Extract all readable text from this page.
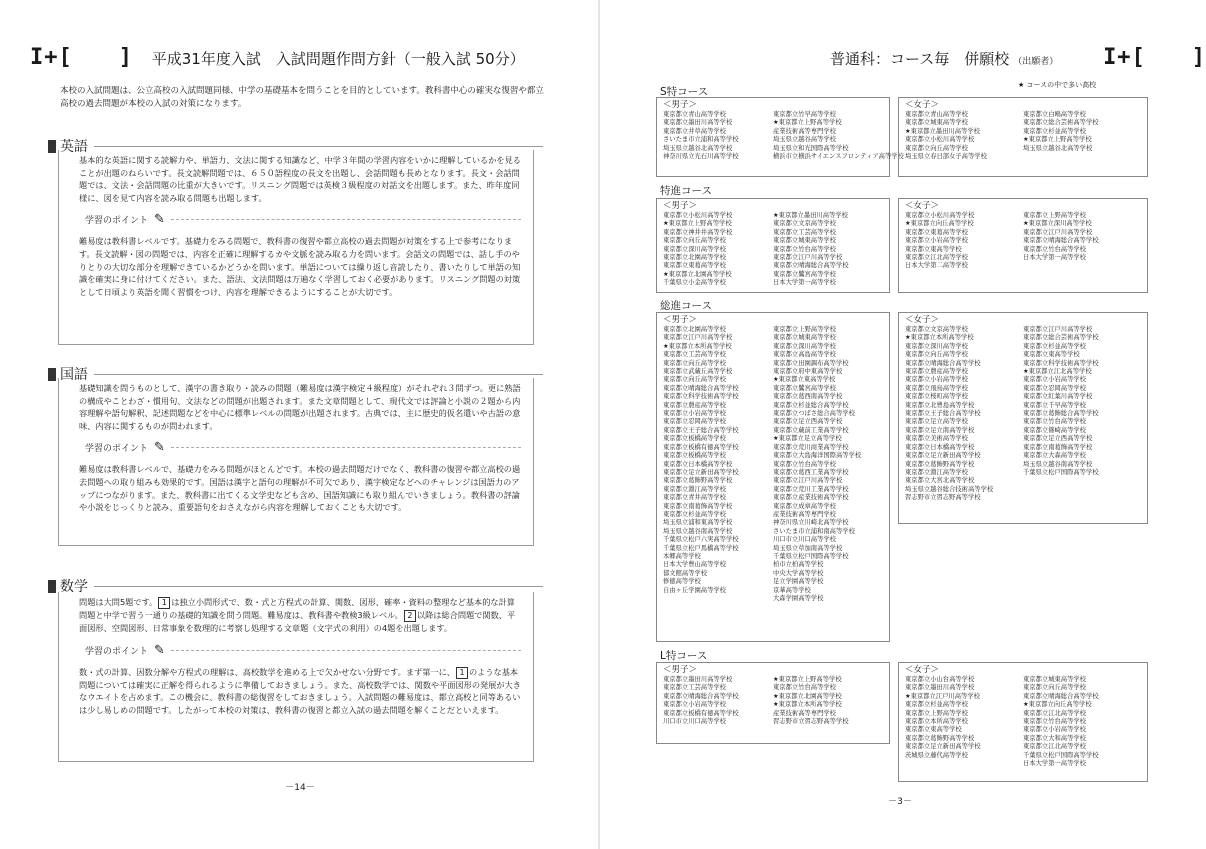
I+[　　] 平成31年度入試　入試問題作問方針（一般入試 50分）

本校の入試問題は、公立高校の入試問題同様、中学の基礎基本を問うことを目的としています。教科書中心の確実な復習や都立高校の過去問題が本校の入試の対策になります。

英語

基本的な英語に関する読解力や、単語力、文法に関する知識など、中学３年間の学習内容をいかに理解しているかを見ることが出題のねらいです。長文読解問題では、６５０語程度の長文を出題し、会話問題も長めとなります。長文・会話問題では、文法・会話問題の比重が大きいです。リスニング問題では英検３級程度の対話文を出題します。また、昨年度同様に、図を見て内容を読み取る問題も出題します。

学習のポイント ✎

難易度は教科書レベルです。基礎力をみる問題で、教科書の復習や都立高校の過去問題が対策をする上で参考になります。長文読解・図の問題では、内容を正確に理解するカや文脈を読み取る力を問います。会話文の問題では、話し手のやりとりの大切な部分を理解できているかどうかを問います。単語については繰り返し音読したり、書いたりして単語の知識を確実に身に付けてください。また、語法、文法問題は万遍なく学習しておく必要があります。リスニング問題の対策として日頃より英語を聞く習慣をつけ、内容を理解できるようにすることが大切です。

国語

基礎知識を問うものとして、漢字の書き取り・読みの問題（難易度は漢字検定４級程度）がそれぞれ３問ずつ。更に熟語の構成やことわざ・慣用句、文法などの問題が出題されます。また文章問題として、現代文では評論と小説の２題から内容理解や語句解釈、記述問題などを中心に標準レベルの問題が出題されます。古典では、主に歴史的仮名遣いや古語の意味、内容に関するものが問われます。

学習のポイント ✎

難易度は教科書レベルで、基礎力をみる問題がほとんどです。本校の過去問題だけでなく、教科書の復習や都立高校の過去問題への取り組みも効果的です。国語は漢字と語句の理解が不可欠であり、漢字検定などへのチャレンジは国語力のアップにつながります。また、教科書に出てくる文学史なども含め、国語知識にも取り組んでいきましょう。教科書の評論や小説をじっくりと読み、重要語句をおさえながら内容を理解しておくことも大切です。

数学

問題は大問5題です。 1 は独立小問形式で、数・式と方程式の計算、関数、図形、確率・資料の整理など基本的な計算問題と中学で習う一通りの基礎的知識を問う問題。難易度は、教科書や教検3級レベル。 2 以降は総合問題で関数、平面図形、空間図形、日常事象を数理的に考察し処理する文章題（文字式の利用）の4題を出題します。

学習のポイント ✎

数・式の計算、因数分解や方程式の理解は、高校数学を進める上で欠かせない分野です。まず第一に、 1 のような基本問題については確実に正解を得られるように準備しておきましょう。また、高校数学では、関数や平面図形の発展が大きなウエイトを占めます。この機会に、教科書の総復習をしておきましょう。入試問題の難易度は、都立高校と同等あるいは少し易しめの問題です。したがって本校の対策は、教科書の復習と都立入試の過去問題を解くことだといえます。

－14－
普通科：コース毎　併願校 （出願者） I+[　　]
★ コースの中で多い高校
S特コース
＜男子＞
東京都立青山高等学校
東京都立墨田川高等学校
東京都立井草高等学校
さいたま市立浦和高等学校
埼玉県立越谷北高等学校
神奈川県立光石川高等学校
東京都立竹早高等学校
★東京都立上野高等学校
産業技術高等専門学校
埼玉県立越谷高等学校
埼玉県立和光国際高等学校
横浜市立横浜サイエンスフロンティア高等学校
＜女子＞
東京都立青山高等学校
東京都立城東高等学校
★東京都立墨田川高等学校
東京都立小松川高等学校
東京都立向丘高等学校
埼玉県立春日部女子高等学校
東京都立白鴎高等学校
東京都立総合芸術高等学校
東京都立杉並高等学校
★東京都立上野高等学校
埼玉県立越谷北高等学校
特進コース
＜男子＞
東京都立小松川高等学校
★東京都立上野高等学校
東京都立神井井高等学校
東京都立向丘高等学校
東京都立深川高等学校
東京都立北園高等学校
東京都立東葛高等学校
★東京都立北園高等学校
千葉県立小金高等学校
★東京都立墨田川高等学校
東京都立文京高等学校
東京都立工芸高等学校
東京都立城東高等学校
東京都立竹台高等学校
東京都立江戸川高等学校
東京都立晴海総合高等学校
東京都立鷺宮高等学校
日本大学第一高等学校
＜女子＞
東京都立小松川高等学校
★東京都立向丘高等学校
東京都立東葛高等学校
東京都立小岩高等学校
東京都立東高等学校
東京都立江北高等学校
日本大学第二高等学校
東京都立上野高等学校
★東京都立深川高等学校
東京都立江戸川高等学校
東京都立晴海総合高等学校
東京都立竹台高等学校
日本大学第一高等学校
総進コース
＜男子＞
東京都立北園高等学校
東京都立江戸川高等学校
★東京都立本所高等学校
東京都立工芸高等学校
東京都立向丘高等学校
東京都立武蔵丘高等学校
東京都立向丘高等学校
東京都立晴海総合高等学校
東京都立科学技術高等学校
東京都立農産高等学校
東京都立小岩高等学校
東京都立忍岡高等学校
東京都立王子総合高等学校
東京都立板橋高等学校
東京都立板橋有徳高等学校
東京都立板橋高等学校
東京都立日本橋高等学校
東京都立足立新田高等学校
東京都立葛飾野高等学校
東京都立淵江高等学校
東京都立青井高等学校
東京都立南葛飾高等学校
東京都立杉並高等学校
埼玉県立浦和東高等学校
埼玉県立越谷南高等学校
千葉県立松戸六実高等学校
千葉県立松戸馬橋高等学校
本郷高等学校
日本大学豊山高等学校
郁文館高等学校
修徳高等学校
自由ヶ丘学園高等学校
東京都立上野高等学校
東京都立城東高等学校
東京都立深川高等学校
東京都立高島高等学校
東京都立田園調布高等学校
東京都立府中東高等学校
★東京都立東高等学校
東京都立鷺宮高等学校
東京都立葛西南高等学校
東京都立杉並総合高等学校
東京都立つばさ総合高等学校
東京都立足立西高等学校
東京都立蔵前工業高等学校
★東京都立足立高等学校
東京都立荒川商業高等学校
東京都立大島海洋国際高等学校
東京都立竹台高等学校
東京都立葛西工業高等学校
東京都立江戸川高等学校
東京都立荒川工業高等学校
東京都立産業技術高等学校
東京都立成章高等学校
産業技術高等専門学校
神奈川県立川崎北高等学校
さいたま市立浦和南高等学校
川口市立川口高等学校
埼玉県立草加南高等学校
千葉県立松戸国際高等学校
柏市立柏高等学校
中央大学高等学校
足立学園高等学校
京華高等学校
大森学園高等学校
＜女子＞
東京都立文京高等学校
★東京都立本所高等学校
東京都立深川高等学校
東京都立向丘高等学校
東京都立晴海総合高等学校
東京都立農産高等学校
東京都立小岩高等学校
東京都立飛鳥高等学校
東京都立桜町高等学校
東京都立北豊島高等学校
東京都立王子総合高等学校
東京都立足立高等学校
東京都立足立南高等学校
東京都立美術高等学校
東京都立日本橋高等学校
東京都立足立新田高等学校
東京都立葛飾野高等学校
東京都立淵江高等学校
東京都立大宮北高等学校
埼玉県立越谷総合技術高等学校
習志野市立習志野高等学校
東京都立江戸川高等学校
東京都立総合芸術高等学校
東京都立杉並高等学校
東京都立東高等学校
東京都立科学技術高等学校
★東京都立江北高等学校
東京都立小岩高等学校
東京都立忍岡高等学校
東京都立紅葉川高等学校
東京都立千早高等学校
東京都立葛飾総合高等学校
東京都立竹台高等学校
東京都立篠崎高等学校
東京都立足立西高等学校
東京都立南葛飾高等学校
東京都立大森高等学校
埼玉県立越谷南高等学校
千葉県立松戸国際高等学校
L特コース
＜男子＞
東京都立墨田川高等学校
東京都立工芸高等学校
東京都立晴海総合高等学校
東京都立小岩高等学校
東京都立板橋有徳高等学校
川口市立川口高等学校
★東京都立上野高等学校
東京都立竹台高等学校
★東京都立北園高等学校
★東京都立本所高等学校
産業技術高等専門学校
習志野市立習志野高等学校
＜女子＞
東京都立小山台高等学校
東京都立墨田川高等学校
★東京都立江戸川高等学校
東京都立杉並高等学校
東京都立上野高等学校
東京都立本所高等学校
東京都立東高等学校
東京都立葛飾野高等学校
東京都立足立新田高等学校
茨城県立藤代高等学校
東京都立城東高等学校
東京都立向丘高等学校
東京都立晴海総合高等学校
★東京都立向丘高等学校
東京都立江北高等学校
東京都立竹台高等学校
東京都立小岩高等学校
東京都立大和高等学校
東京都立江北高等学校
千葉県立松戸国際高等学校
日本大学第一高等学校
－3－
